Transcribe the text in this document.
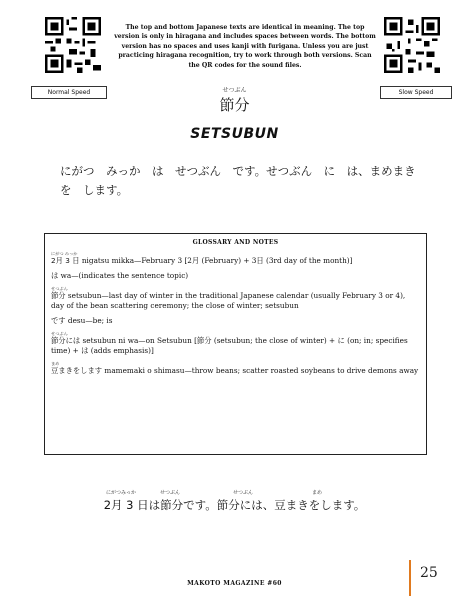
Normal Speed	Slow Speed
The top and bottom Japanese texts are identical in meaning. The top version is only in hiragana and includes spaces between words. The bottom version has no spaces and uses kanji with furigana. Unless you are just practicing hiragana recognition, try to work through both versions. Scan the QR codes for the sound files.
せつぶん
節分
SETSUBUN
にがつ　みっか　は　せつぶん　です。せつぶん　に　は、まめまき　を　します。
GLOSSARY AND NOTES
にがつ みっか
2月 3 日 nigatsu mikka—February 3 [2月 (February) + 3日 (3rd day of the month)]
は wa—(indicates the sentence topic)
せつぶん
節分 setsubun—last day of winter in the traditional Japanese calendar (usually February 3 or 4), day of the bean scattering ceremony; the close of winter; setsubun
です desu—be; is
せつぶん
節分には setsubun ni wa—on Setsubun [節分 (setsubun; the close of winter) + に (on; in; specifies time) + は (adds emphasis)]
まめ
豆まきをします mamemaki o shimasu—throw beans; scatter roasted soybeans to drive demons away
にがつみっか	せつぶん	せつぶん	まめ
2月 3 日は節分です。節分には、豆まきをします。
MAKOTO MAGAZINE #60
25
